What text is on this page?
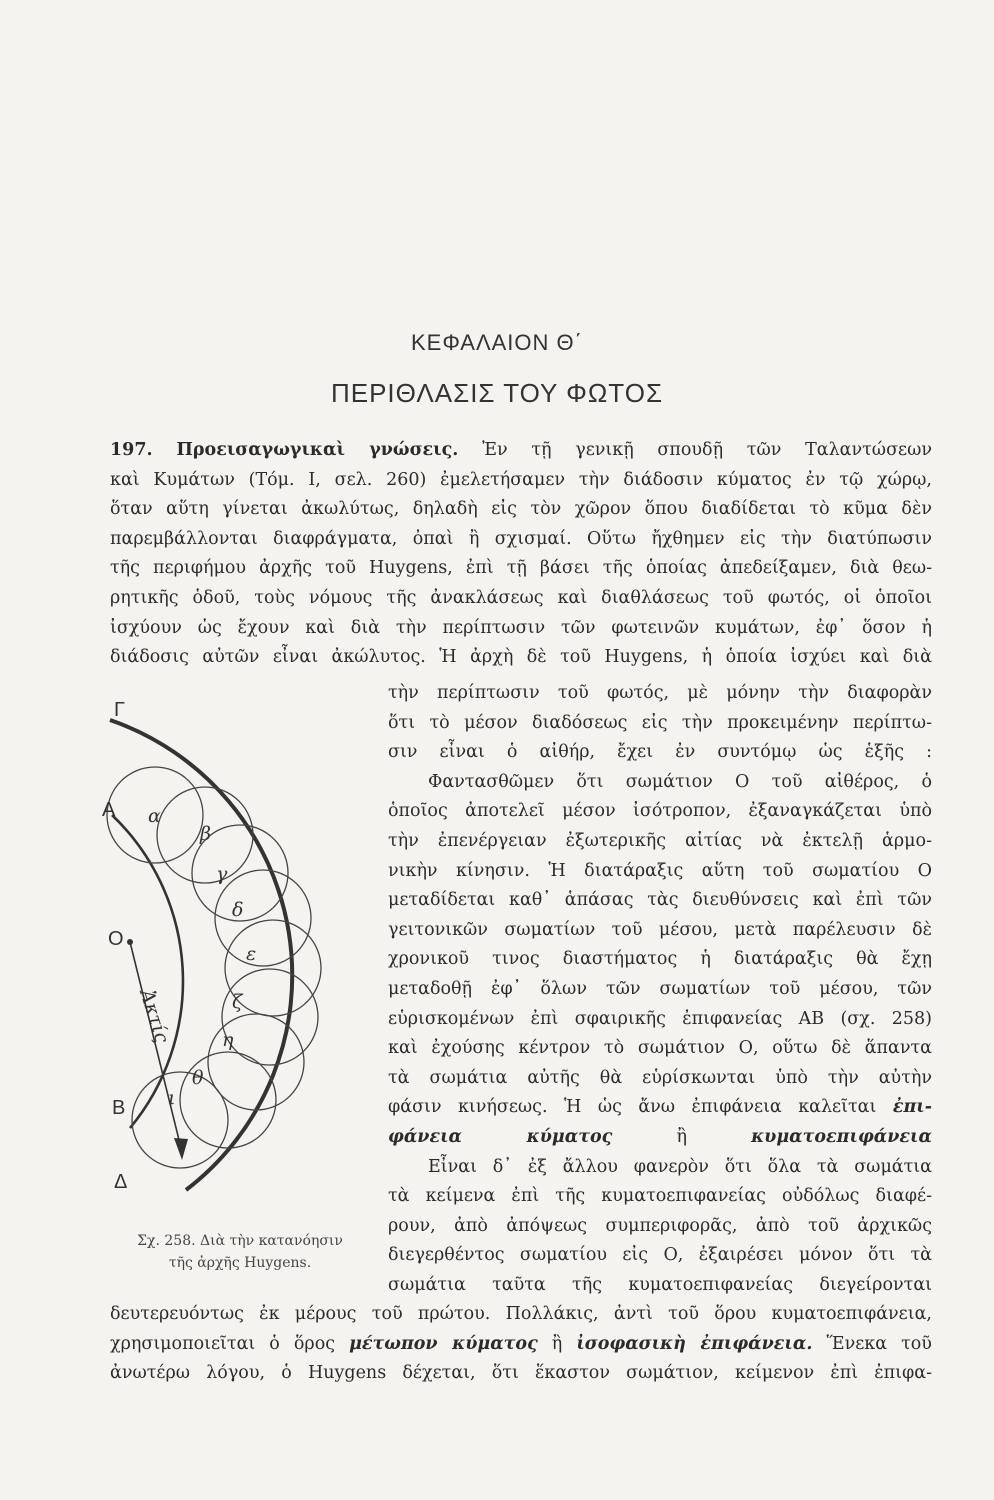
ΚΕΦΑΛΑΙΟΝ Θ΄
ΠΕΡΙΘΛΑΣΙΣ ΤΟΥ ΦΩΤΟΣ
197. Προεισαγωγικαὶ γνώσεις. Ἐν τῇ γενικῇ σπουδῇ τῶν Ταλαντώσεων
καὶ Κυμάτων (Τόμ. Ι, σελ. 260) ἐμελετήσαμεν τὴν διάδοσιν κύματος ἐν τῷ χώρῳ,
ὅταν αὕτη γίνεται ἀκωλύτως, δηλαδὴ εἰς τὸν χῶρον ὅπου διαδίδεται τὸ κῦμα δὲν
παρεμβάλλονται διαφράγματα, ὀπαὶ ἢ σχισμαί. Οὕτω ἤχθημεν εἰς τὴν διατύπωσιν
τῆς περιφήμου ἀρχῆς τοῦ Huygens, ἐπὶ τῇ βάσει τῆς ὁποίας ἀπεδείξαμεν, διὰ θεω-
ρητικῆς ὁδοῦ, τοὺς νόμους τῆς ἀνακλάσεως καὶ διαθλάσεως τοῦ φωτός, οἱ ὁποῖοι
ἰσχύουν ὡς ἔχουν καὶ διὰ τὴν περίπτωσιν τῶν φωτεινῶν κυμάτων, ἐφ᾿ ὅσον ἡ
διάδοσις αὐτῶν εἶναι ἀκώλυτος. Ἡ ἀρχὴ δὲ τοῦ Huygens, ἡ ὁποία ἰσχύει καὶ διὰ
τὴν περίπτωσιν τοῦ φωτός, μὲ μόνην τὴν διαφορὰν
ὅτι τὸ μέσον διαδόσεως εἰς τὴν προκειμένην περίπτω-
σιν εἶναι ὁ αἰθήρ, ἔχει ἐν συντόμῳ ὡς ἑξῆς :
Φαντασθῶμεν ὅτι σωμάτιον Ο τοῦ αἰθέρος, ὁ
ὁποῖος ἀποτελεῖ μέσον ἰσότροπον, ἐξαναγκάζεται ὑπὸ
τὴν ἐπενέργειαν ἐξωτερικῆς αἰτίας νὰ ἐκτελῇ ἁρμο-
νικὴν κίνησιν. Ἡ διατάραξις αὕτη τοῦ σωματίου Ο
μεταδίδεται καθ᾿ ἁπάσας τὰς διευθύνσεις καὶ ἐπὶ τῶν
γειτονικῶν σωματίων τοῦ μέσου, μετὰ παρέλευσιν δὲ
χρονικοῦ τινος διαστήματος ἡ διατάραξις θὰ ἔχῃ
μεταδοθῇ ἐφ᾿ ὅλων τῶν σωματίων τοῦ μέσου, τῶν
εὑρισκομένων ἐπὶ σφαιρικῆς ἐπιφανείας ΑΒ (σχ. 258)
καὶ ἐχούσης κέντρον τὸ σωμάτιον Ο, οὕτω δὲ ἅπαντα
τὰ σωμάτια αὐτῆς θὰ εὑρίσκωνται ὑπὸ τὴν αὐτὴν
φάσιν κινήσεως. Ἡ ὡς ἄνω ἐπιφάνεια καλεῖται ἐπι-
φάνεια κύματος	ἢ	κυματοεπιφάνεια
Εἶναι δ᾿ ἐξ ἄλλου φανερὸν ὅτι ὅλα τὰ σωμάτια
τὰ κείμενα ἐπὶ τῆς κυματοεπιφανείας οὐδόλως διαφέ-
ρουν, ἀπὸ ἀπόψεως συμπεριφορᾶς, ἀπὸ τοῦ ἀρχικῶς
διεγερθέντος σωματίου εἰς Ο, ἐξαιρέσει μόνον ὅτι τὰ
σωμάτια ταῦτα τῆς κυματοεπιφανείας διεγείρονται
δευτερευόντως ἐκ μέρους τοῦ πρώτου. Πολλάκις, ἀντὶ τοῦ ὅρου κυματοεπιφάνεια,
χρησιμοποιεῖται ὁ ὅρος μέτωπον κύματος ἢ ἰσοφασικὴ ἐπιφάνεια. Ἕνεκα τοῦ
ἀνωτέρω λόγου, ὁ Huygens δέχεται, ὅτι ἕκαστον σωμάτιον, κείμενον ἐπὶ ἐπιφα-
Γ
Α
Ο
Β
Δ
Ἀκτίς
α
β
γ
δ
ε
ζ
η
θ
ι
Σχ. 258. Διὰ τὴν κατανόησιν
τῆς ἀρχῆς Huygens.
